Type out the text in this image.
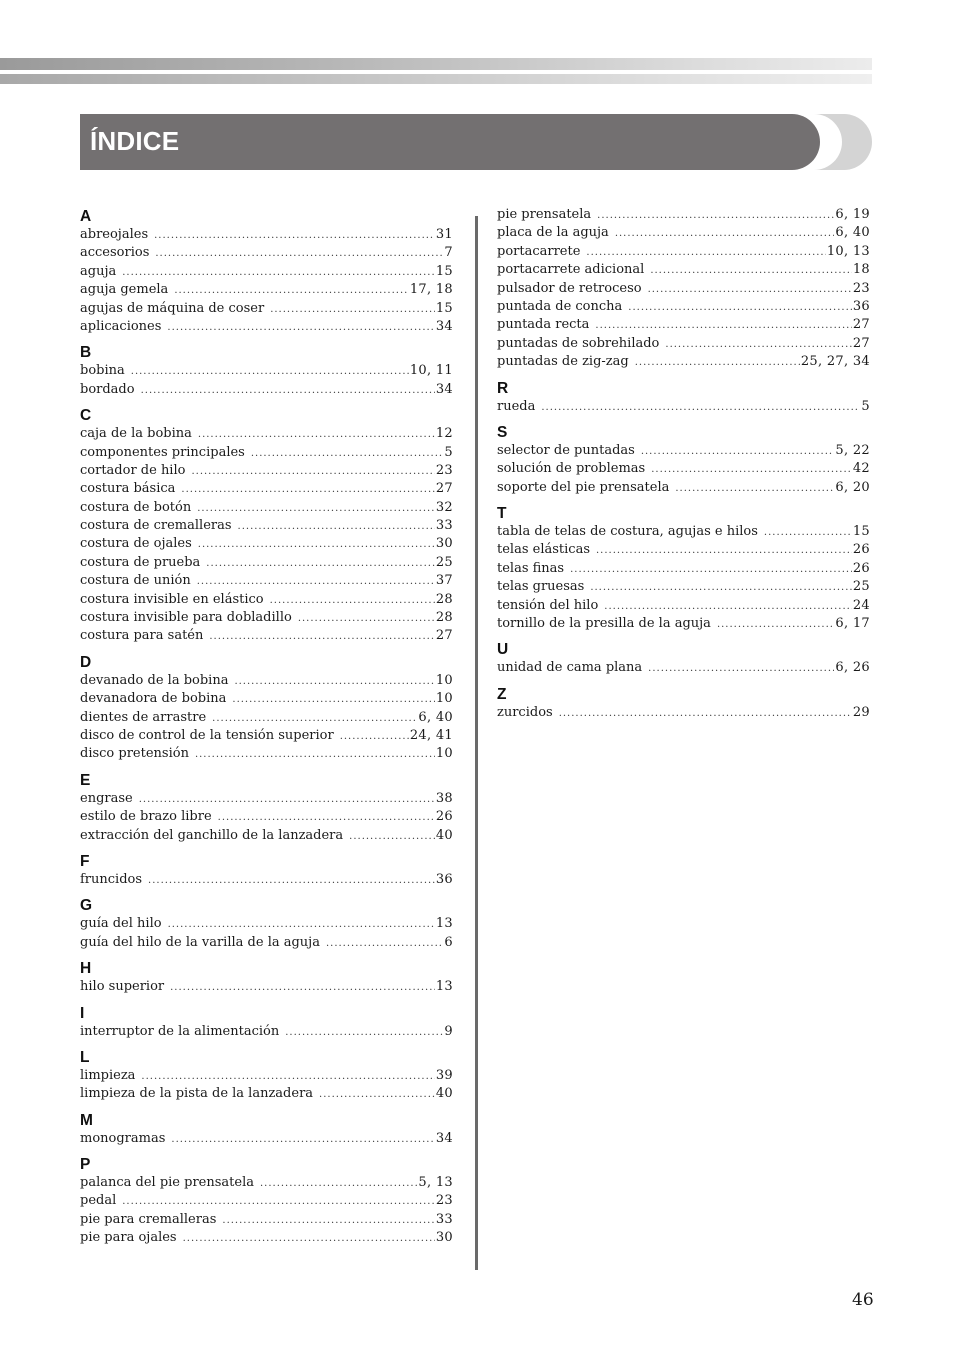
ÍNDICE
A
abreojales .....	31
accesorios .....	7
aguja .....	15
aguja gemela .....	17, 18
agujas de máquina de coser .....	15
aplicaciones .....	34
B
bobina .....	10, 11
bordado .....	34
C
caja de la bobina .....	12
componentes principales .....	5
cortador de hilo .....	23
costura básica .....	27
costura de botón .....	32
costura de cremalleras .....	33
costura de ojales .....	30
costura de prueba .....	25
costura de unión .....	37
costura invisible en elástico .....	28
costura invisible para dobladillo .....	28
costura para satén .....	27
D
devanado de la bobina .....	10
devanadora de bobina .....	10
dientes de arrastre .....	6, 40
disco de control de la tensión superior .....	24, 41
disco pretensión .....	10
E
engrase .....	38
estilo de brazo libre .....	26
extracción del ganchillo de la lanzadera .....	40
F
fruncidos .....	36
G
guía del hilo .....	13
guía del hilo de la varilla de la aguja .....	6
H
hilo superior .....	13
I
interruptor de la alimentación .....	9
L
limpieza .....	39
limpieza de la pista de la lanzadera .....	40
M
monogramas .....	34
P
palanca del pie prensatela .....	5, 13
pedal .....	23
pie para cremalleras .....	33
pie para ojales .....	30
pie prensatela .....	6, 19
placa de la aguja .....	6, 40
portacarrete .....	10, 13
portacarrete adicional .....	18
pulsador de retroceso .....	23
puntada de concha .....	36
puntada recta .....	27
puntadas de sobrehilado .....	27
puntadas de zig-zag .....	25, 27, 34
R
rueda .....	5
S
selector de puntadas .....	5, 22
solución de problemas .....	42
soporte del pie prensatela .....	6, 20
T
tabla de telas de costura, agujas e hilos .....	15
telas elásticas .....	26
telas finas .....	26
telas gruesas .....	25
tensión del hilo .....	24
tornillo de la presilla de la aguja .....	6, 17
U
unidad de cama plana .....	6, 26
Z
zurcidos .....	29
46
